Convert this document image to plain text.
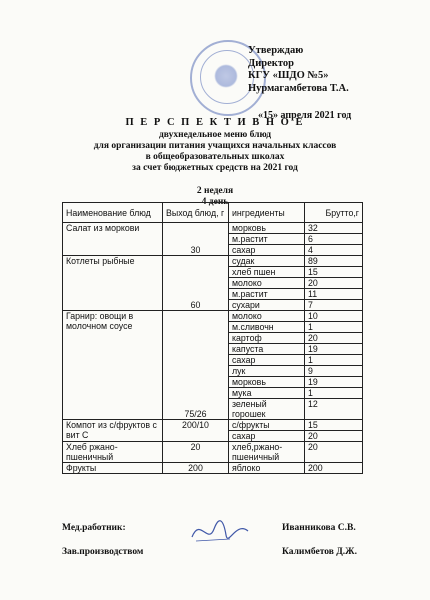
Утверждаю
Директор
КГУ «ШДО №5»
Нурмагамбетова Т.А.
«15» апреля 2021 год
П Е Р С П Е К Т И В Н О Е
двухнедельное меню блюд
для организации питания учащихся начальных классов
в общеобразовательных школах
за счет бюджетных средств на 2021 год
2 неделя
4 день
Наименование блюд	Выход блюд, г	ингредиенты	Брутто,г
Салат из моркови	30	морковь	32
		м.растит	6
		сахар	4
Котлеты рыбные	60	судак	89
		хлеб пшен	15
		молоко	20
		м.растит	11
		сухари	7
Гарнир: овощи в молочном соусе	75/26	молоко	10
		м.сливочн	1
		картоф	20
		капуста	19
		сахар	1
		лук	9
		морковь	19
		мука	1
		зеленый горошек	12
Компот из с/фруктов с вит С	200/10	с/фрукты	15
		сахар	20
Хлеб ржано-пшеничный	20	хлеб,ржано-пшеничный	20
Фрукты	200	яблоко	200
Мед.работник:	Иванникова С.В.
Зав.производством	Калимбетов Д.Ж.
